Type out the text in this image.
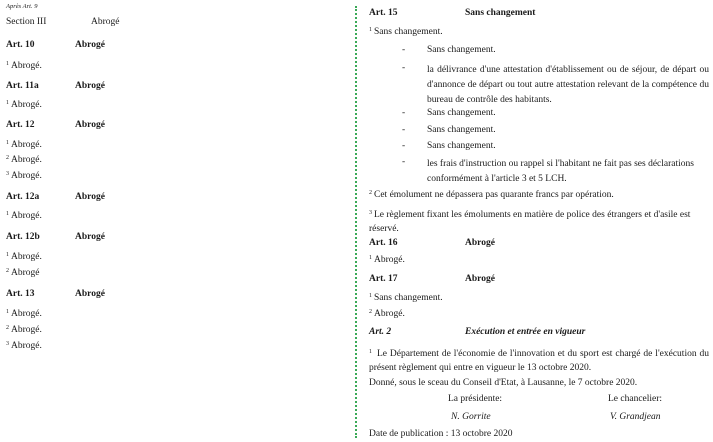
Après Art. 9
Section III	Abrogé
Art. 10	Abrogé
$^1$ Abrogé.
Art. 11a	Abrogé
$^1$ Abrogé.
Art. 12	Abrogé
$^1$ Abrogé.
$^2$ Abrogé.
$^3$ Abrogé.
Art. 12a	Abrogé
$^1$ Abrogé.
Art. 12b	Abrogé
$^1$ Abrogé.
$^2$ Abrogé
Art. 13	Abrogé
$^1$ Abrogé.
$^2$ Abrogé.
$^3$ Abrogé.
Art. 15	Sans changement
$^1$ Sans changement.
- Sans changement.
- la délivrance d'une attestation d'établissement ou de séjour, de départ ou d'annonce de départ ou tout autre attestation relevant de la compétence du bureau de contrôle des habitants.
- Sans changement.
- Sans changement.
- Sans changement.
- les frais d'instruction ou rappel si l'habitant ne fait pas ses déclarations conformément à l'article 3 et 5 LCH.
$^2$ Cet émolument ne dépassera pas quarante francs par opération.
$^3$ Le règlement fixant les émoluments en matière de police des étrangers et d'asile est réservé.
Art. 16	Abrogé
$^1$ Abrogé.
Art. 17	Abrogé
$^1$ Sans changement.
$^2$ Abrogé.
Art. 2	Exécution et entrée en vigueur
$^1$ Le Département de l'économie de l'innovation et du sport est chargé de l'exécution du présent règlement qui entre en vigueur le 13 octobre 2020.
Donné, sous le sceau du Conseil d'Etat, à Lausanne, le 7 octobre 2020.
La présidente:	Le chancelier:
N. Gorrite	V. Grandjean
Date de publication : 13 octobre 2020
